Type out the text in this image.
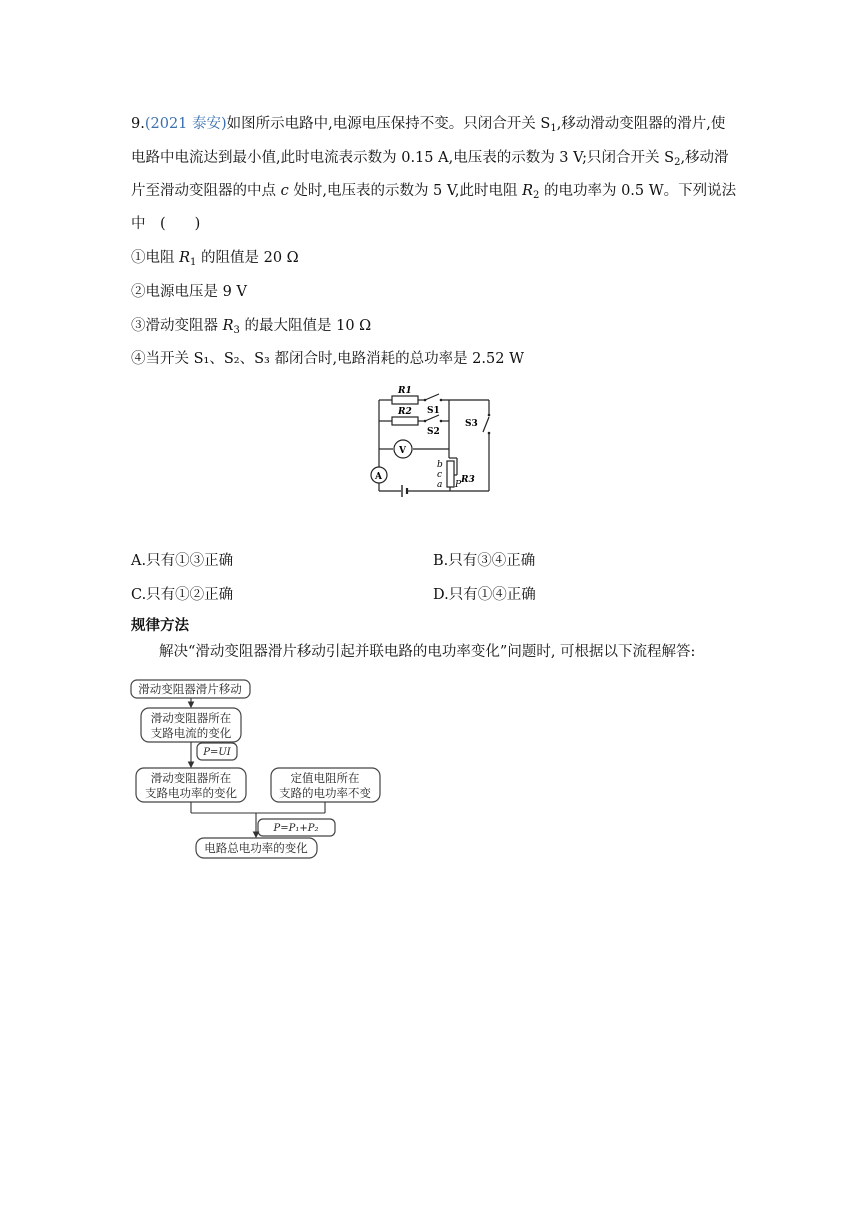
9.(2021 泰安)如图所示电路中,电源电压保持不变。只闭合开关 $S_1$,移动滑动变阻器的滑片,使
电路中电流达到最小值,此时电流表示数为 0.15 A,电压表的示数为 3 V;只闭合开关 $S_2$,移动滑
片至滑动变阻器的中点 c 处时,电压表的示数为 5 V,此时电阻 $R_2$ 的电功率为 0.5 W。下列说法
中　(　　)
①电阻 $R_1$ 的阻值是 20 Ω
②电源电压是 9 V
③滑动变阻器 $R_3$ 的最大阻值是 10 Ω
④当开关 S₁、S₂、S₃ 都闭合时,电路消耗的总功率是 2.52 W
R1
R2 S1
S2
S3
V
A
b
c
a P R3
A.只有①③正确	B.只有③④正确
C.只有①②正确	D.只有①④正确
规律方法
解决“滑动变阻器滑片移动引起并联电路的电功率变化”问题时, 可根据以下流程解答:
滑动变阻器滑片移动
滑动变阻器所在
支路电流的变化
滑动变阻器所在
支路电功率的变化
定值电阻所在
支路的电功率不变
电路总电功率的变化
P=UI
P=P₁+P₂
